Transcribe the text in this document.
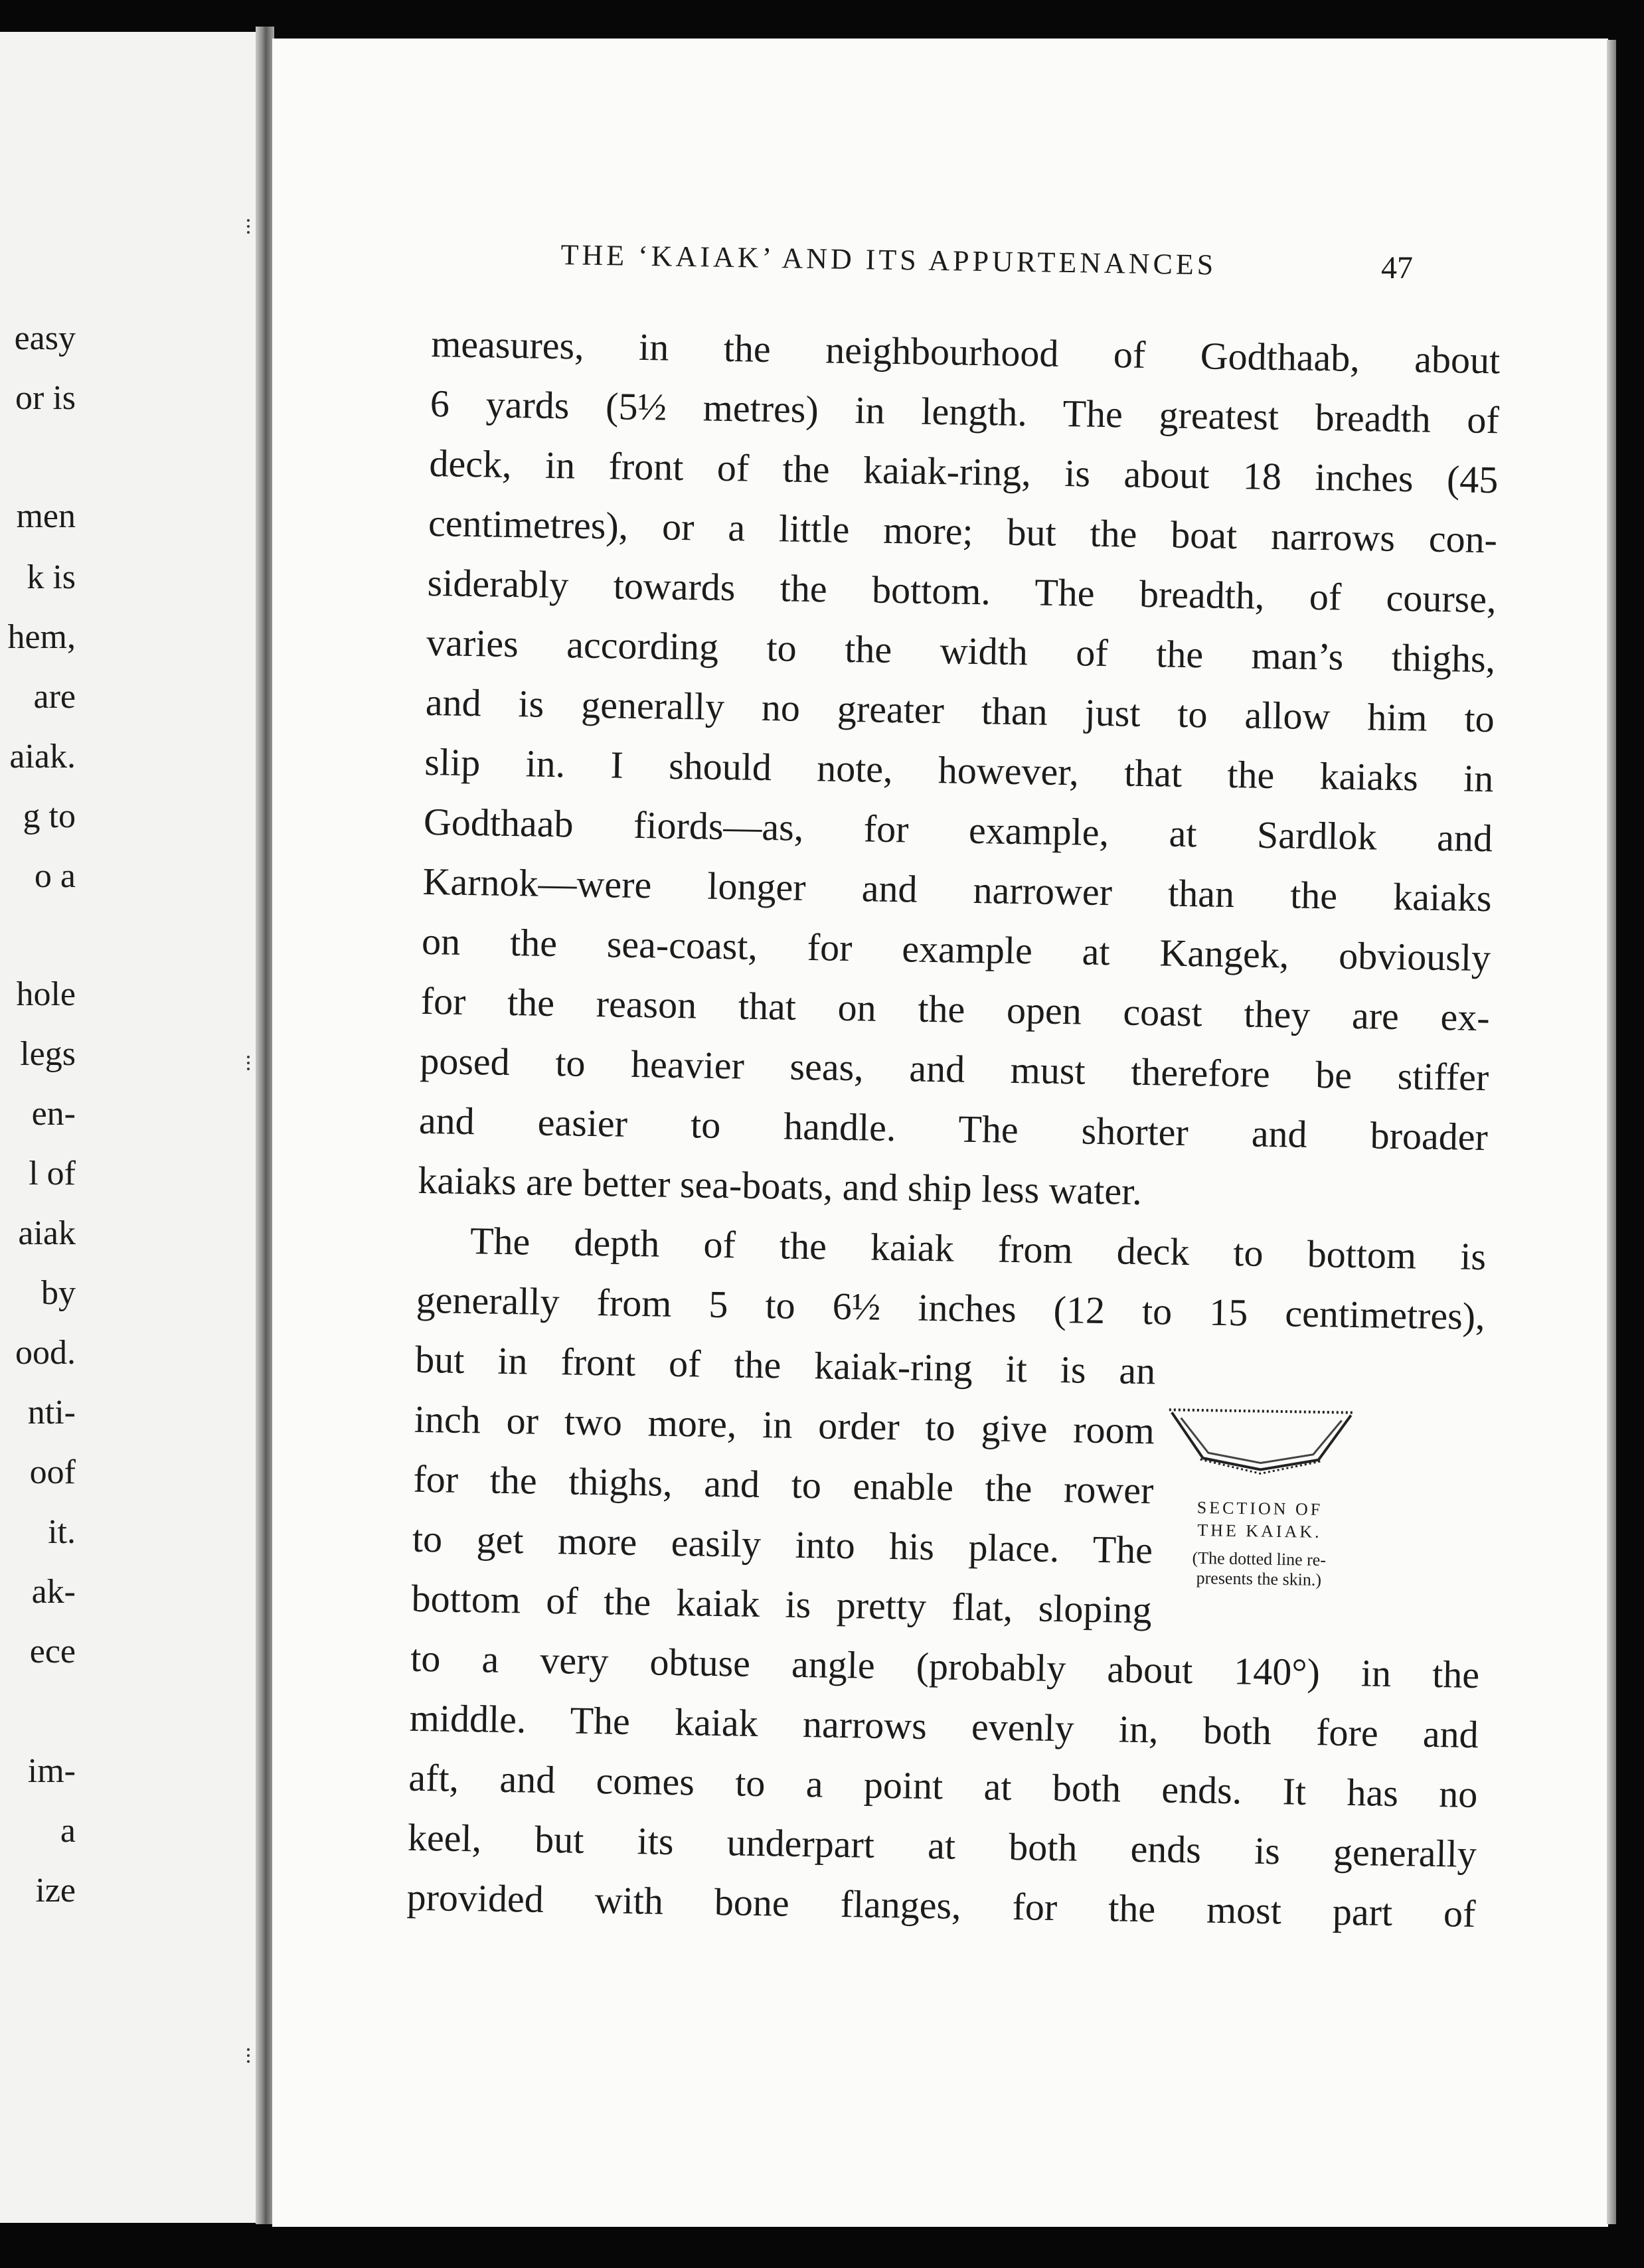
easy
or is
men
k is
hem,
are
aiak.
g to
o a
hole
legs
en-
l of
aiak
by
ood.
nti-
oof
it.
ak-
ece
im-
a
ize
THE ‘KAIAK’ AND ITS APPURTENANCES	47
measures, in the neighbourhood of Godthaab, about
6 yards (5½ metres) in length. The greatest breadth of
deck, in front of the kaiak-ring, is about 18 inches (45
centimetres), or a little more; but the boat narrows con-
siderably towards the bottom. The breadth, of course,
varies according to the width of the man’s thighs,
and is generally no greater than just to allow him to
slip in. I should note, however, that the kaiaks in
Godthaab fiords—as, for example, at Sardlok and
Karnok—were longer and narrower than the kaiaks
on the sea-coast, for example at Kangek, obviously
for the reason that on the open coast they are ex-
posed to heavier seas, and must therefore be stiffer
and easier to handle. The shorter and broader
kaiaks are better sea-boats, and ship less water.
The depth of the kaiak from deck to bottom is
generally from 5 to 6½ inches (12 to 15 centimetres),
but in front of the kaiak-ring it is an
inch or two more, in order to give room
for the thighs, and to enable the rower
to get more easily into his place. The
bottom of the kaiak is pretty flat, sloping
to a very obtuse angle (probably about 140°) in the
middle. The kaiak narrows evenly in, both fore and
aft, and comes to a point at both ends. It has no
keel, but its underpart at both ends is generally
provided with bone flanges, for the most part of
SECTION OF
THE KAIAK.
(The dotted line re-
presents the skin.)
